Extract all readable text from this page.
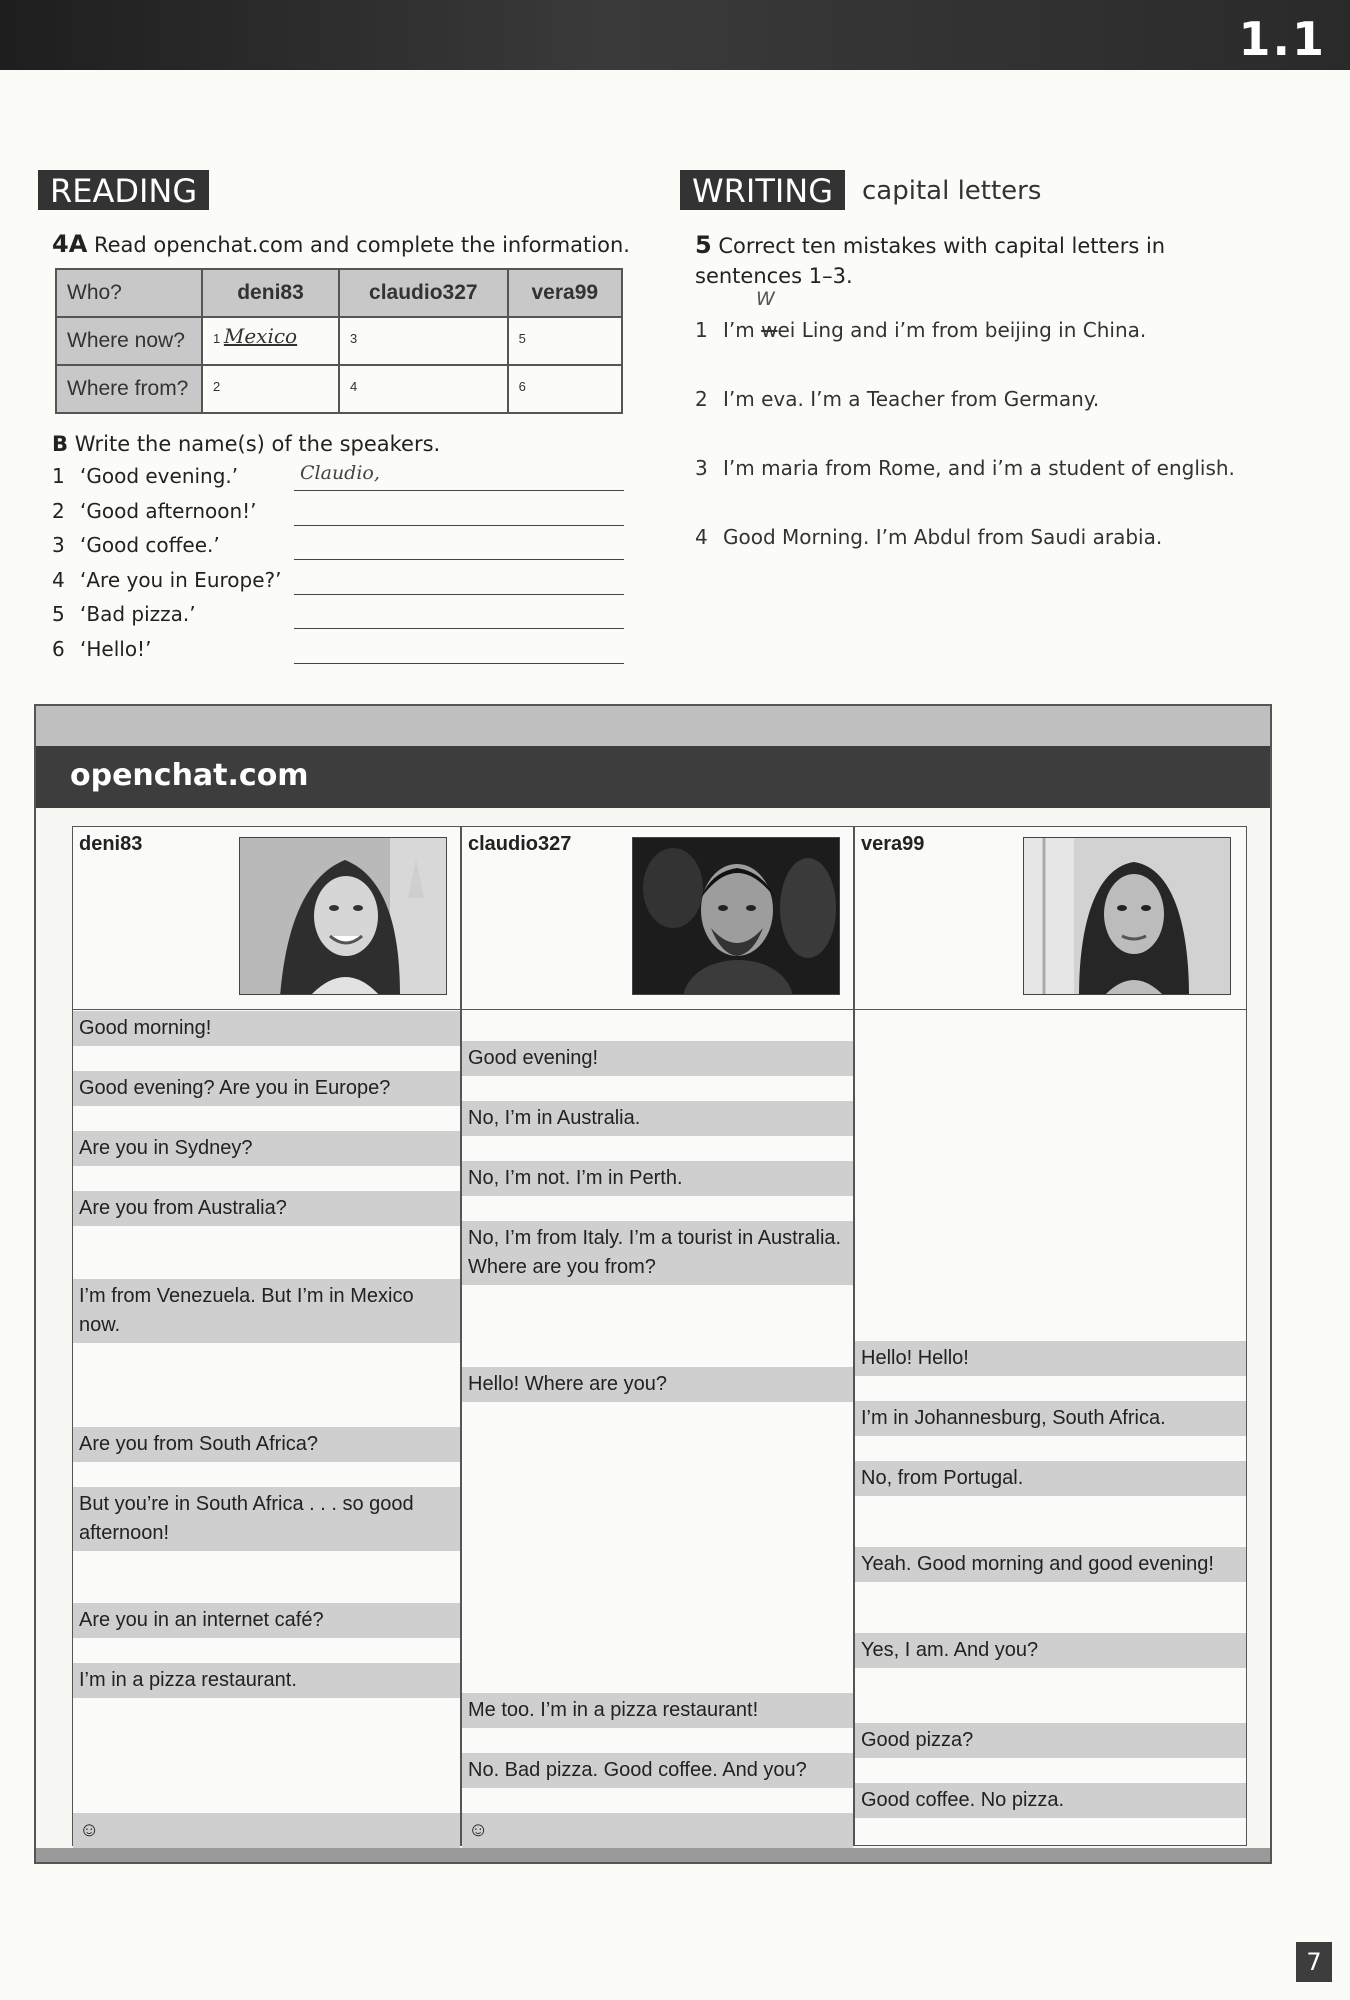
1.1
READING
4A Read openchat.com and complete the information.
Who?	deni83	claudio327	vera99
Where now?	1 Mexico	3	5
Where from?	2	4	6
B Write the name(s) of the speakers.
1 ‘Good evening.’	Claudio,
2 ‘Good afternoon!’
3 ‘Good coffee.’
4 ‘Are you in Europe?’
5 ‘Bad pizza.’
6 ‘Hello!’
WRITING	capital letters
5 Correct ten mistakes with capital letters in sentences 1–3.
W
1 I’m wei Ling and i’m from beijing in China.
2 I’m eva. I’m a Teacher from Germany.
3 I’m maria from Rome, and i’m a student of english.
4 Good Morning. I’m Abdul from Saudi arabia.
openchat.com
deni83
Good morning!
Good evening? Are you in Europe?
Are you in Sydney?
Are you from Australia?
I’m from Venezuela. But I’m in Mexico now.
Are you from South Africa?
But you’re in South Africa . . . so good afternoon!
Are you in an internet café?
I’m in a pizza restaurant.
☺
claudio327
Good evening!
No, I’m in Australia.
No, I’m not. I’m in Perth.
No, I’m from Italy. I’m a tourist in Australia. Where are you from?
Hello! Where are you?
Me too. I’m in a pizza restaurant!
No. Bad pizza. Good coffee. And you?
☺
vera99
Hello! Hello!
I’m in Johannesburg, South Africa.
No, from Portugal.
Yeah. Good morning and good evening!
Yes, I am. And you?
Good pizza?
Good coffee. No pizza.
7
